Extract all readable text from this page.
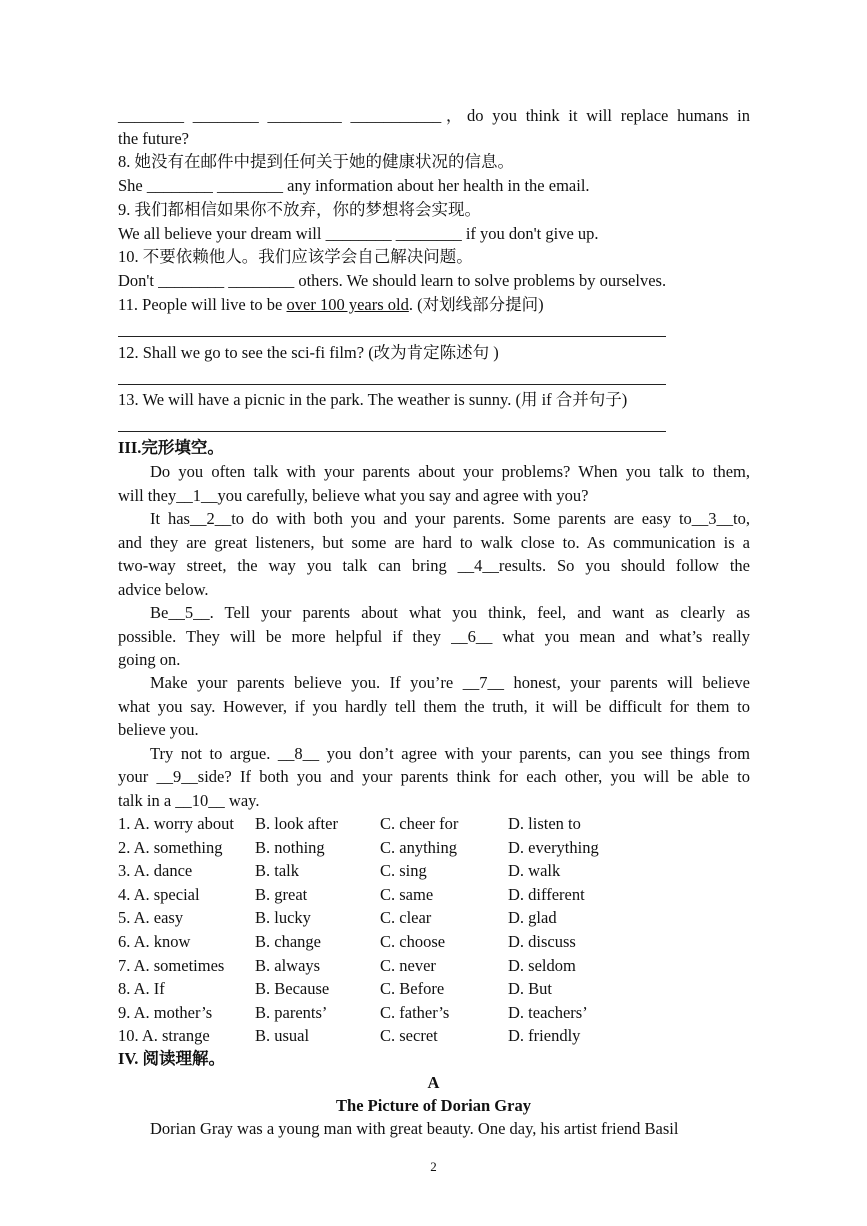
________ ________ _________ ___________，do you think it will replace humans in
the future?
8. 她没有在邮件中提到任何关于她的健康状况的信息。
She ________ ________ any information about her health in the email.
9. 我们都相信如果你不放弃，你的梦想将会实现。
We all believe your dream will ________ ________ if you don't give up.
10. 不要依赖他人。我们应该学会自己解决问题。
Don't ________ ________ others. We should learn to solve problems by ourselves.
11. People will live to be over 100 years old. (对划线部分提问)
12. Shall we go to see the sci-fi film? (改为肯定陈述句 )
13. We will have a picnic in the park. The weather is sunny. (用 if 合并句子)
III.完形填空。
Do you often talk with your parents about your problems? When you talk to them,
will they__1__you carefully, believe what you say and agree with you?
It has__2__to do with both you and your parents. Some parents are easy to__3__to,
and they are great listeners, but some are hard to walk close to. As communication is a
two-way street, the way you talk can bring __4__results. So you should follow the
advice below.
Be__5__. Tell your parents about what you think, feel, and want as clearly as
possible. They will be more helpful if they __6__ what you mean and what’s really
going on.
Make your parents believe you. If you’re __7__ honest, your parents will believe
what you say. However, if you hardly tell them the truth, it will be difficult for them to
believe you.
Try not to argue. __8__ you don’t agree with your parents, can you see things from
your __9__side? If both you and your parents think for each other, you will be able to
talk in a __10__ way.
1. A. worry about B. look after	C. cheer for	D. listen to
2. A. something B. nothing	C. anything	D. everything
3. A. dance	B. talk	C. sing	D. walk
4. A. special	B. great	C. same	D. different
5. A. easy	B. lucky	C. clear	D. glad
6. A. know	B. change	C. choose	D. discuss
7. A. sometimes B. always	C. never	D. seldom
8. A. If	B. Because	C. Before	D. But
9. A. mother’s	B. parents’	C. father’s	D. teachers’
10. A. strange	B. usual	C. secret	D. friendly
IV. 阅读理解。
A
The Picture of Dorian Gray
Dorian Gray was a young man with great beauty. One day, his artist friend Basil
2
